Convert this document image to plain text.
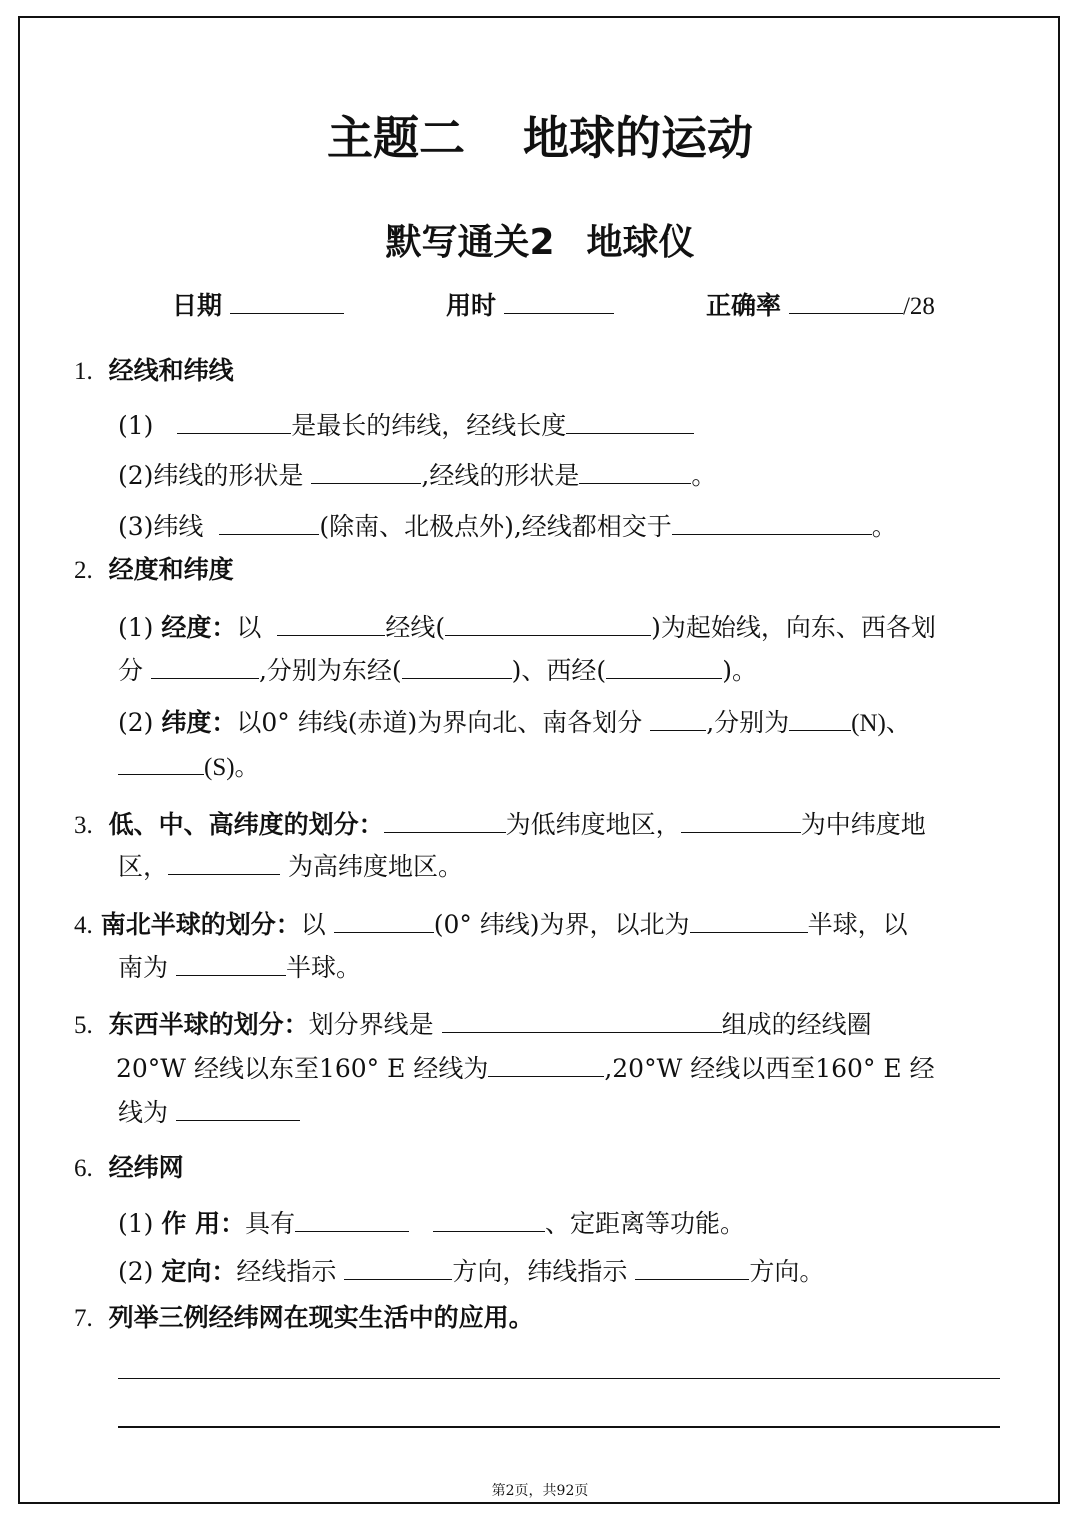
主题二 地球的运动
默写通关2 地球仪
日期	用时	正确率	/28
1. 经线和纬线
(1)	是最长的纬线，经线长度
(2)纬线的形状是	,经线的形状是	。
(3)纬线	(除南、北极点外),经线都相交于	。
2. 经度和纬度
(1) 经度：以	经线(	)为起始线，向东、西各划
分	,分别为东经(	)、西经(	)。
(2) 纬度：以0° 纬线(赤道)为界向北、南各划分	,分别为 (N)、
(S)。
3. 低、中、高纬度的划分：	为低纬度地区，	为中纬度地
区，	为高纬度地区。
4. 南北半球的划分：以	(0° 纬线)为界，以北为	半球，以
南为	半球。
5. 东西半球的划分：划分界线是	组成的经线圈
20°W 经线以东至160° E 经线为	,20°W 经线以西至160° E 经
线为
6. 经纬网
(1) 作 用：具有	、定距离等功能。
(2) 定向：经线指示	方向，纬线指示	方向。
7. 列举三例经纬网在现实生活中的应用。
第2页，共92页
